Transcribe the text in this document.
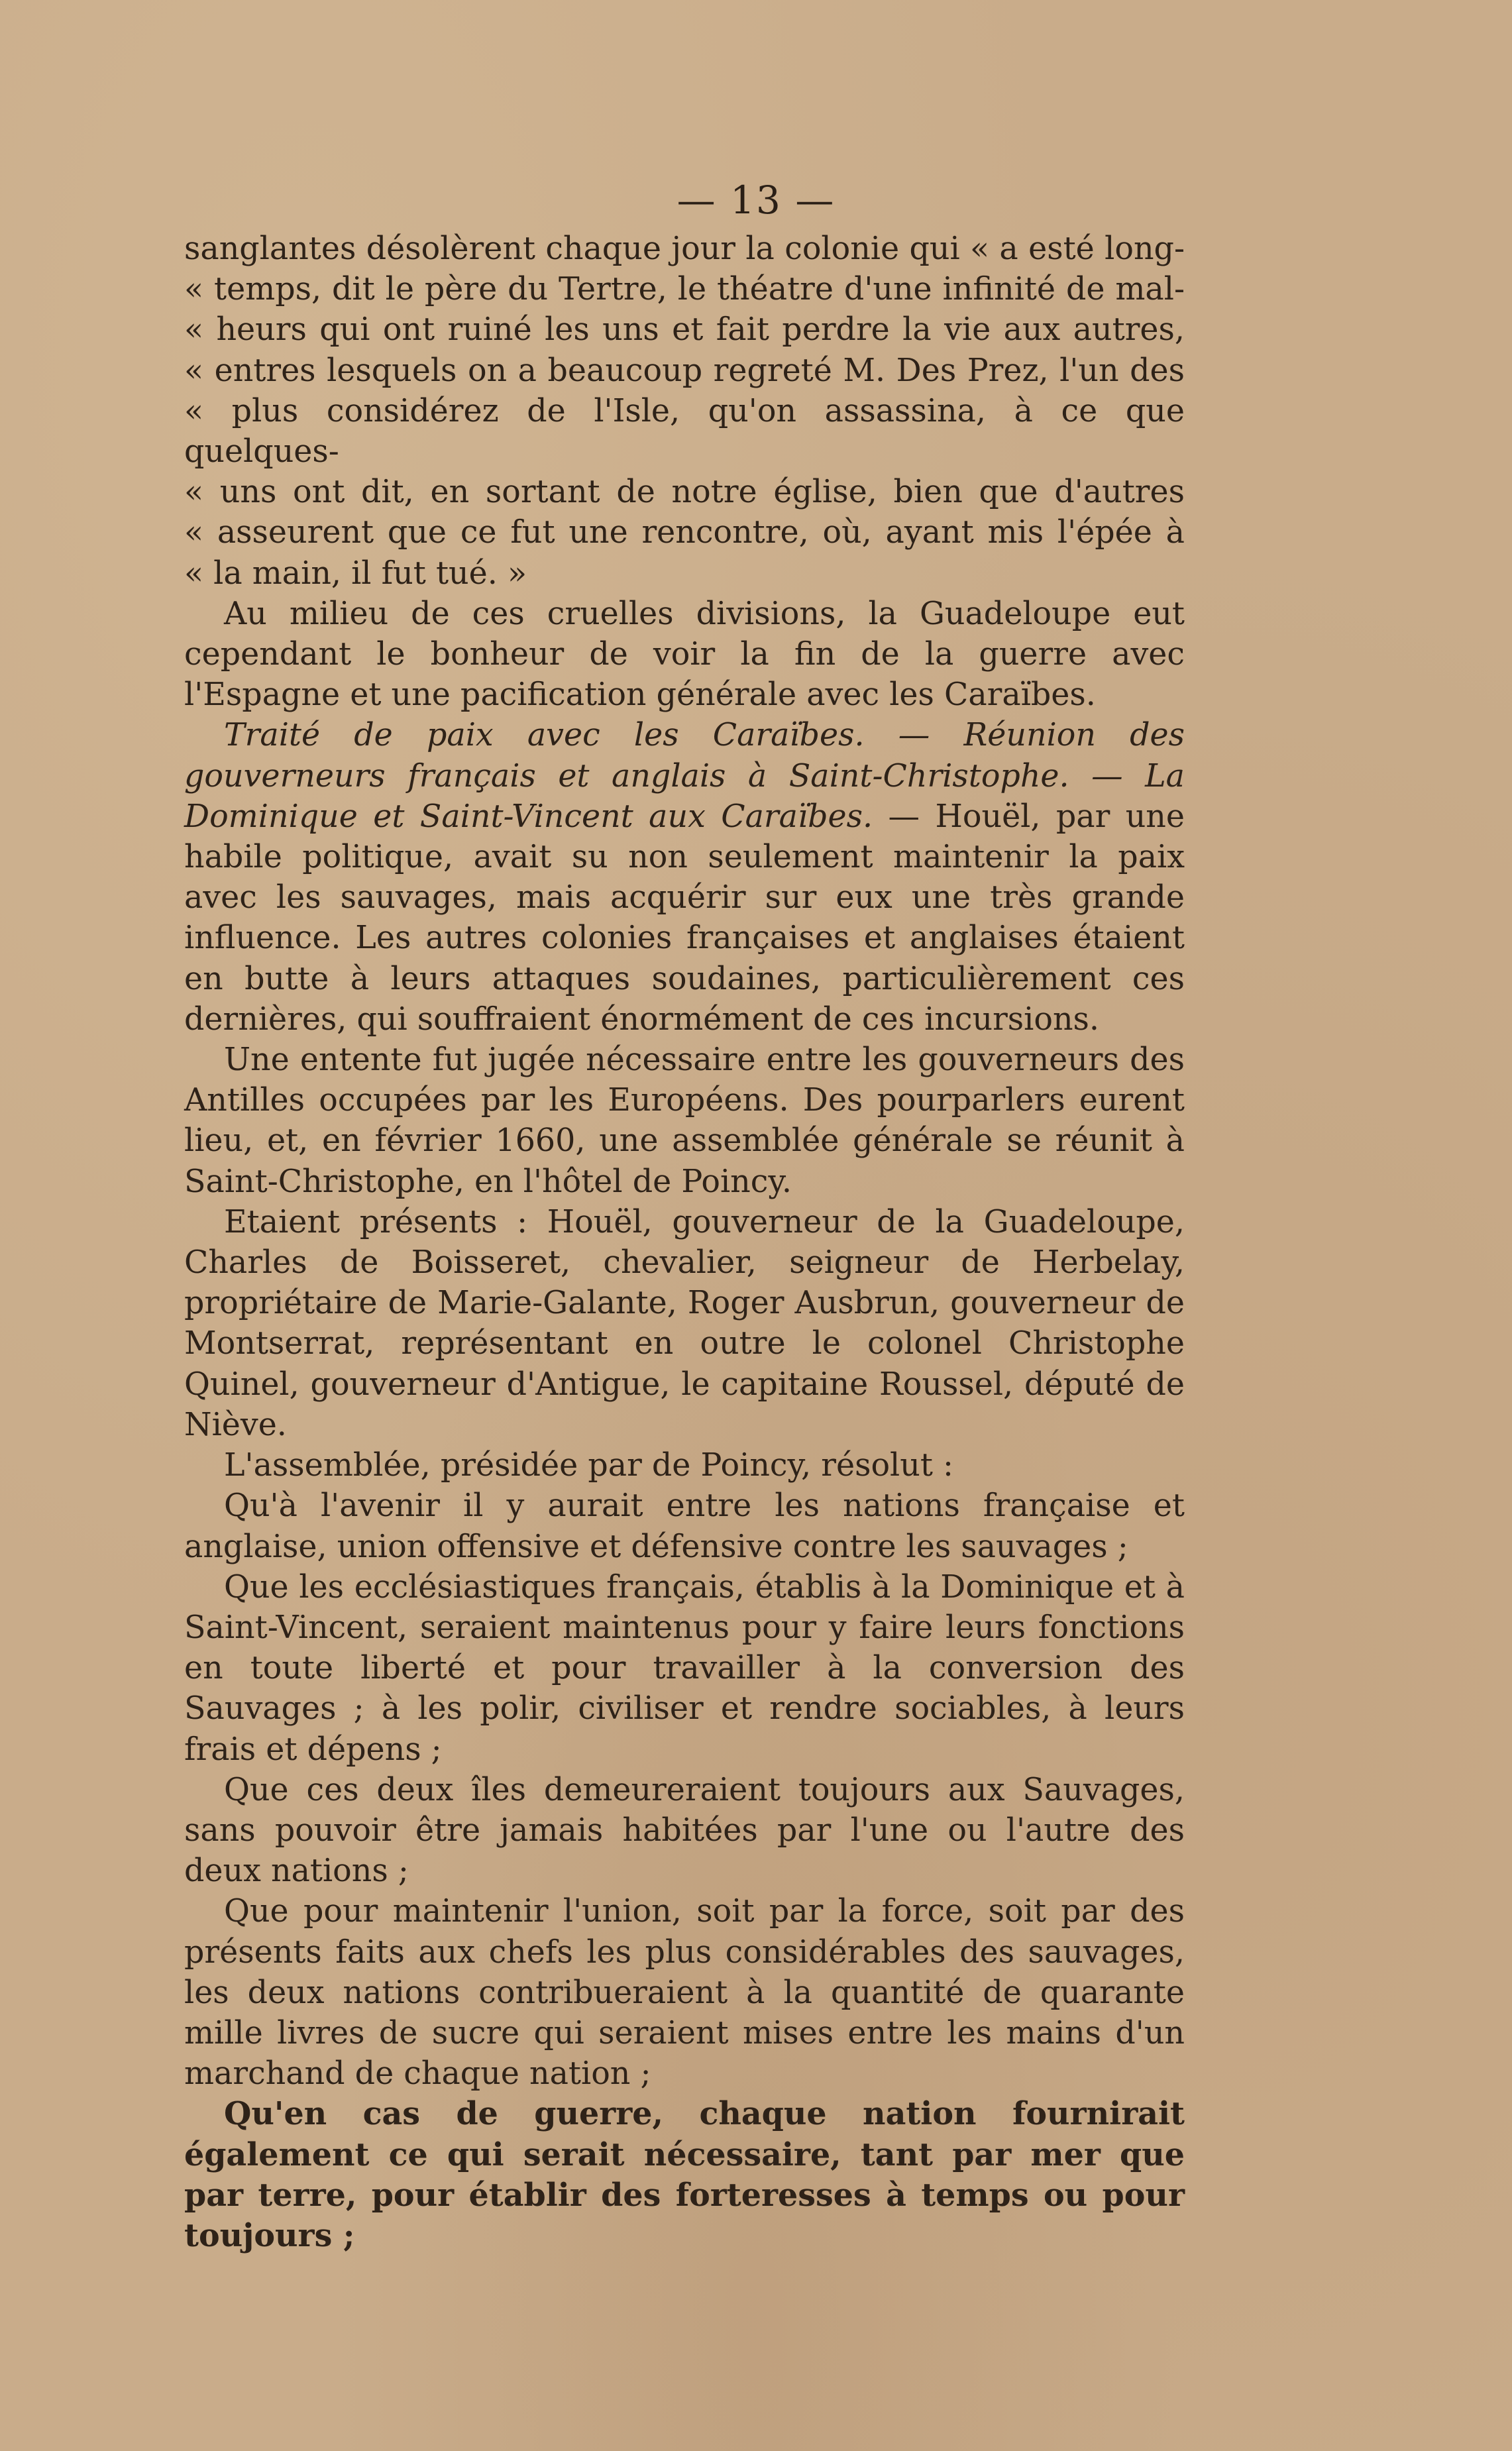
— 13 —

sanglantes désolèrent chaque jour la colonie qui « a esté long-
« temps, dit le père du Tertre, le théatre d'une infinité de mal-
« heurs qui ont ruiné les uns et fait perdre la vie aux autres,
« entres lesquels on a beaucoup regreté M. Des Prez, l'un des
« plus considérez de l'Isle, qu'on assassina, à ce que quelques-
« uns ont dit, en sortant de notre église, bien que d'autres
« asseurent que ce fut une rencontre, où, ayant mis l'épée à
« la main, il fut tué. »

Au milieu de ces cruelles divisions, la Guadeloupe eut cependant le bonheur de voir la fin de la guerre avec l'Espagne et une pacification générale avec les Caraïbes.

Traité de paix avec les Caraïbes. — Réunion des gouverneurs français et anglais à Saint-Christophe. — La Dominique et Saint-Vincent aux Caraïbes. — Houël, par une habile politique, avait su non seulement maintenir la paix avec les sauvages, mais acquérir sur eux une très grande influence. Les autres colonies françaises et anglaises étaient en butte à leurs attaques soudaines, particulièrement ces dernières, qui souffraient énormément de ces incursions.

Une entente fut jugée nécessaire entre les gouverneurs des Antilles occupées par les Européens. Des pourparlers eurent lieu, et, en février 1660, une assemblée générale se réunit à Saint-Christophe, en l'hôtel de Poincy.

Etaient présents : Houël, gouverneur de la Guadeloupe, Charles de Boisseret, chevalier, seigneur de Herbelay, propriétaire de Marie-Galante, Roger Ausbrun, gouverneur de Montserrat, représentant en outre le colonel Christophe Quinel, gouverneur d'Antigue, le capitaine Roussel, député de Niève.

L'assemblée, présidée par de Poincy, résolut :

Qu'à l'avenir il y aurait entre les nations française et anglaise, union offensive et défensive contre les sauvages ;

Que les ecclésiastiques français, établis à la Dominique et à Saint-Vincent, seraient maintenus pour y faire leurs fonctions en toute liberté et pour travailler à la conversion des Sauvages ; à les polir, civiliser et rendre sociables, à leurs frais et dépens ;

Que ces deux îles demeureraient toujours aux Sauvages, sans pouvoir être jamais habitées par l'une ou l'autre des deux nations ;

Que pour maintenir l'union, soit par la force, soit par des présents faits aux chefs les plus considérables des sauvages, les deux nations contribueraient à la quantité de quarante mille livres de sucre qui seraient mises entre les mains d'un marchand de chaque nation ;

Qu'en cas de guerre, chaque nation fournirait également ce qui serait nécessaire, tant par mer que par terre, pour établir des forteresses à temps ou pour toujours ;
